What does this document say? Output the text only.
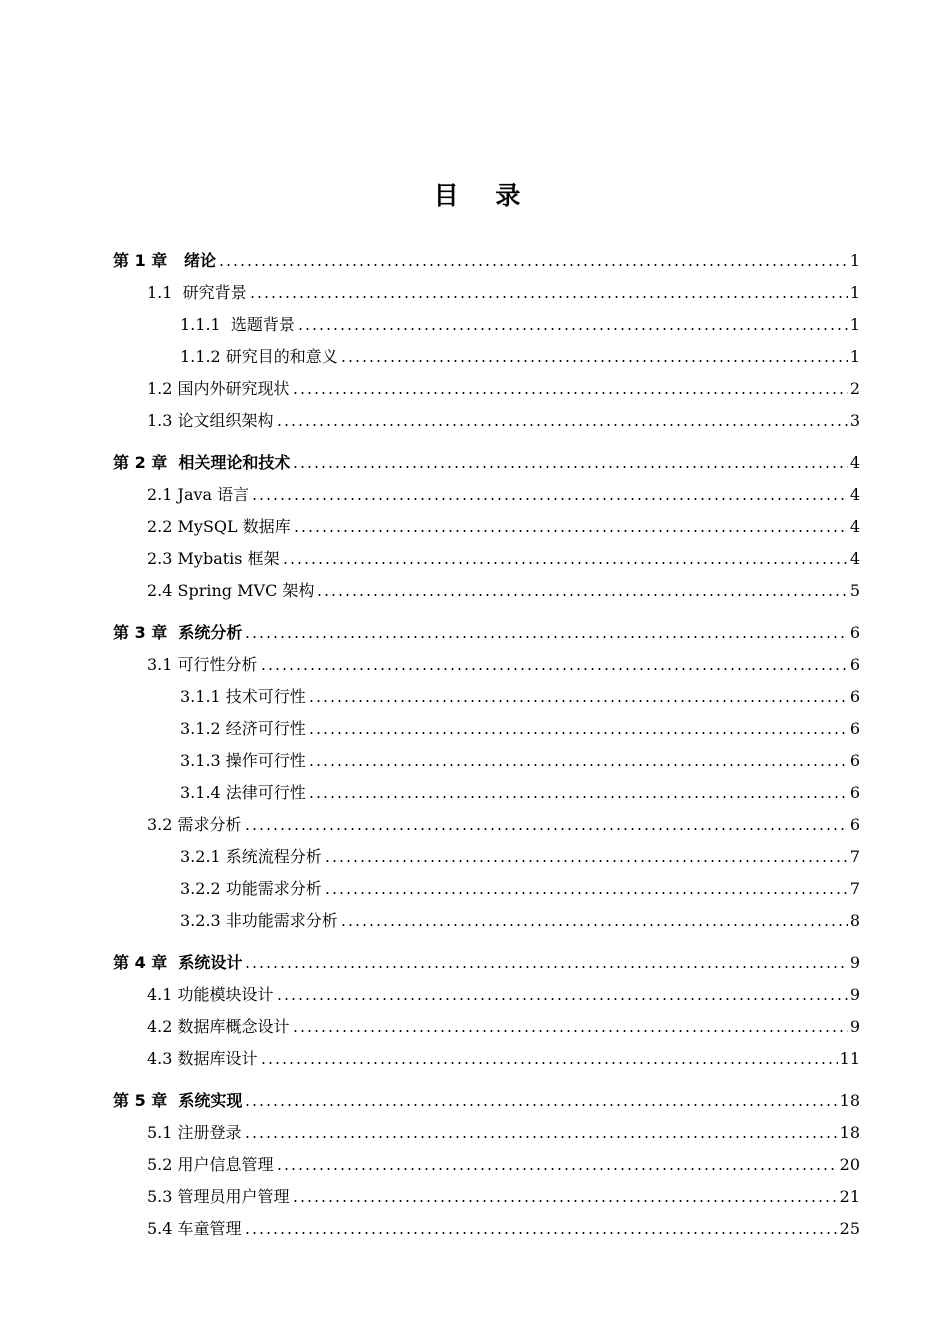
目 录
第 1 章   绪论	1
1.1  研究背景	1
1.1.1  选题背景	1
1.1.2 研究目的和意义	1
1.2 国内外研究现状	2
1.3 论文组织架构	3
第 2 章  相关理论和技术	4
2.1 Java 语言	4
2.2 MySQL 数据库	4
2.3 Mybatis 框架	4
2.4 Spring MVC 架构	5
第 3 章  系统分析	6
3.1 可行性分析	6
3.1.1 技术可行性	6
3.1.2 经济可行性	6
3.1.3 操作可行性	6
3.1.4 法律可行性	6
3.2 需求分析	6
3.2.1 系统流程分析	7
3.2.2 功能需求分析	7
3.2.3 非功能需求分析	8
第 4 章  系统设计	9
4.1 功能模块设计	9
4.2 数据库概念设计	9
4.3 数据库设计	11
第 5 章  系统实现	18
5.1 注册登录	18
5.2 用户信息管理	20
5.3 管理员用户管理	21
5.4 车童管理	25
